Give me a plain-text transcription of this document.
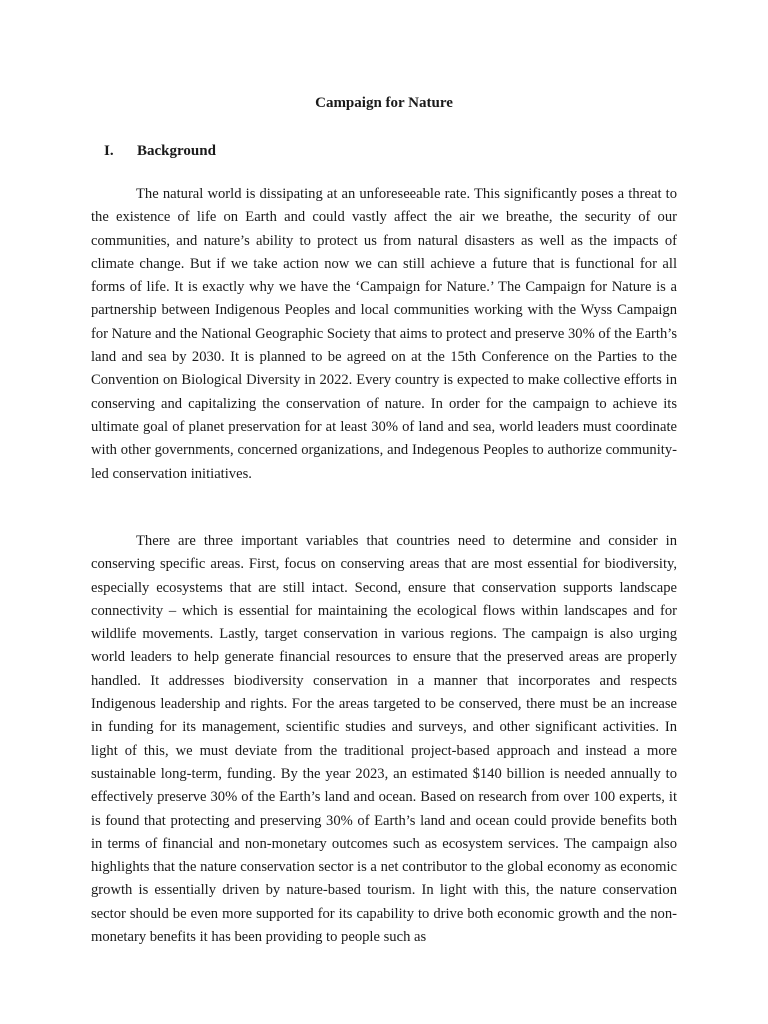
Campaign for Nature
I. Background

The natural world is dissipating at an unforeseeable rate. This significantly poses a threat to the existence of life on Earth and could vastly affect the air we breathe, the security of our communities, and nature’s ability to protect us from natural disasters as well as the impacts of climate change. But if we take action now we can still achieve a future that is functional for all forms of life. It is exactly why we have the ‘Campaign for Nature.’ The Campaign for Nature is a partnership between Indigenous Peoples and local communities working with the Wyss Campaign for Nature and the National Geographic Society that aims to protect and preserve 30% of the Earth’s land and sea by 2030. It is planned to be agreed on at the 15th Conference on the Parties to the Convention on Biological Diversity in 2022. Every country is expected to make collective efforts in conserving and capitalizing the conservation of nature. In order for the campaign to achieve its ultimate goal of planet preservation for at least 30% of land and sea, world leaders must coordinate with other governments, concerned organizations, and Indegenous Peoples to authorize community-led conservation initiatives.

There are three important variables that countries need to determine and consider in conserving specific areas. First, focus on conserving areas that are most essential for biodiversity, especially ecosystems that are still intact. Second, ensure that conservation supports landscape connectivity – which is essential for maintaining the ecological flows within landscapes and for wildlife movements. Lastly, target conservation in various regions. The campaign is also urging world leaders to help generate financial resources to ensure that the preserved areas are properly handled. It addresses biodiversity conservation in a manner that incorporates and respects Indigenous leadership and rights. For the areas targeted to be conserved, there must be an increase in funding for its management, scientific studies and surveys, and other significant activities. In light of this, we must deviate from the traditional project-based approach and instead a more sustainable long-term, funding. By the year 2023, an estimated $140 billion is needed annually to effectively preserve 30% of the Earth’s land and ocean. Based on research from over 100 experts, it is found that protecting and preserving 30% of Earth’s land and ocean could provide benefits both in terms of financial and non-monetary outcomes such as ecosystem services. The campaign also highlights that the nature conservation sector is a net contributor to the global economy as economic growth is essentially driven by nature-based tourism. In light with this, the nature conservation sector should be even more supported for its capability to drive both economic growth and the non-monetary benefits it has been providing to people such as
